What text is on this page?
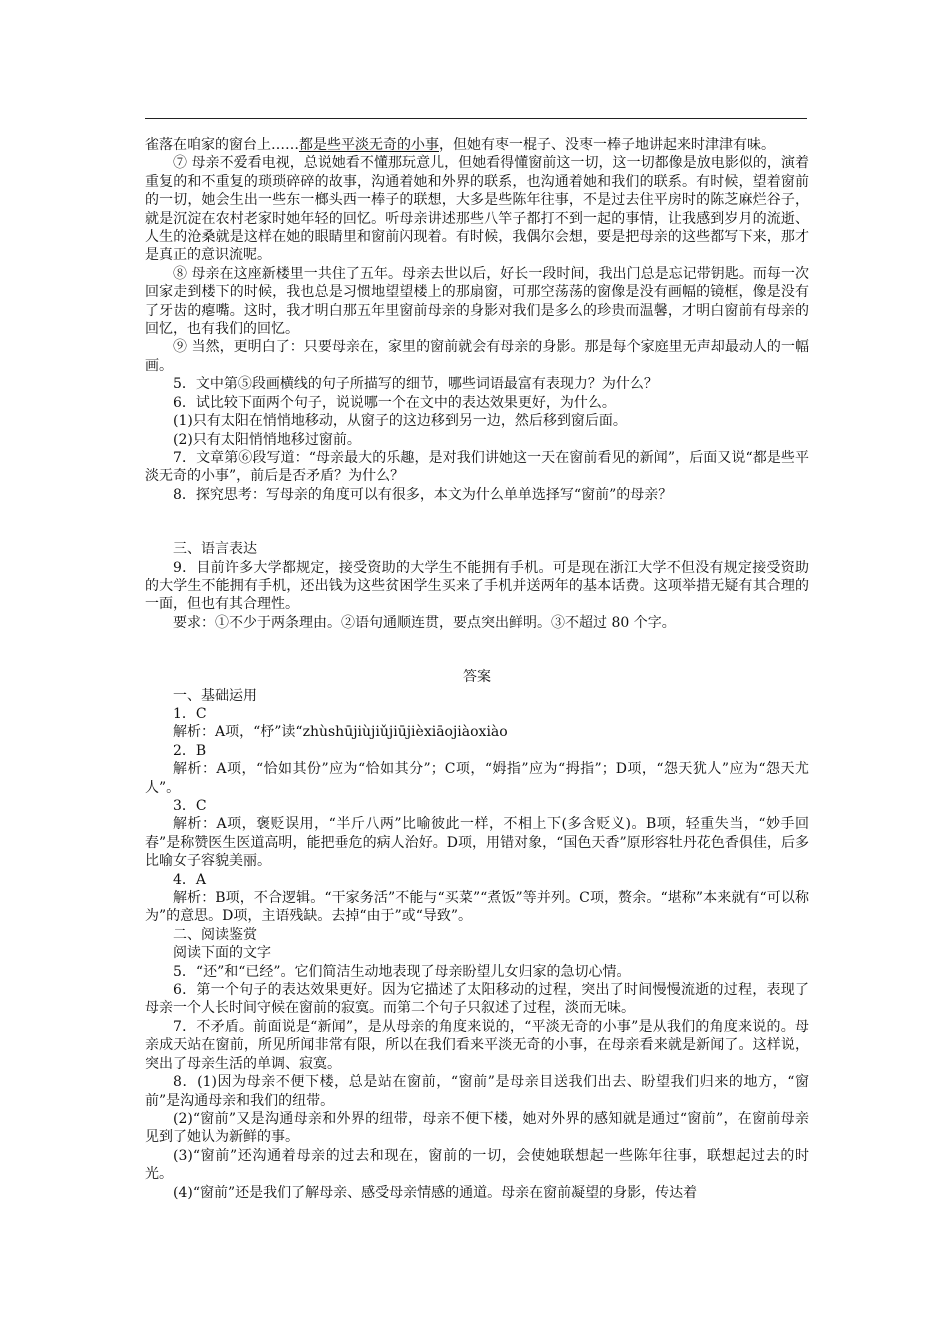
雀落在咱家的窗台上……都是些平淡无奇的小事，但她有枣一棍子、没枣一棒子地讲起来时津津有味。

⑦ 母亲不爱看电视，总说她看不懂那玩意儿，但她看得懂窗前这一切，这一切都像是放电影似的，演着重复的和不重复的琐琐碎碎的故事，沟通着她和外界的联系，也沟通着她和我们的联系。有时候，望着窗前的一切，她会生出一些东一榔头西一棒子的联想，大多是些陈年往事，不是过去住平房时的陈芝麻烂谷子，就是沉淀在农村老家时她年轻的回忆。听母亲讲述那些八竿子都打不到一起的事情，让我感到岁月的流逝、人生的沧桑就是这样在她的眼睛里和窗前闪现着。有时候，我偶尔会想，要是把母亲的这些都写下来，那才是真正的意识流呢。

⑧ 母亲在这座新楼里一共住了五年。母亲去世以后，好长一段时间，我出门总是忘记带钥匙。而每一次回家走到楼下的时候，我也总是习惯地望望楼上的那扇窗，可那空荡荡的窗像是没有画幅的镜框，像是没有了牙齿的瘪嘴。这时，我才明白那五年里窗前母亲的身影对我们是多么的珍贵而温馨，才明白窗前有母亲的回忆，也有我们的回忆。

⑨ 当然，更明白了：只要母亲在，家里的窗前就会有母亲的身影。那是每个家庭里无声却最动人的一幅画。

5．文中第⑤段画横线的句子所描写的细节，哪些词语最富有表现力？为什么？

6．试比较下面两个句子，说说哪一个在文中的表达效果更好，为什么。

(1)只有太阳在悄悄地移动，从窗子的这边移到另一边，然后移到窗后面。

(2)只有太阳悄悄地移过窗前。

7．文章第⑥段写道：“母亲最大的乐趣，是对我们讲她这一天在窗前看见的新闻”，后面又说“都是些平淡无奇的小事”，前后是否矛盾？为什么？

8．探究思考：写母亲的角度可以有很多，本文为什么单单选择写“窗前”的母亲？

三、语言表达

9．目前许多大学都规定，接受资助的大学生不能拥有手机。可是现在浙江大学不但没有规定接受资助的大学生不能拥有手机，还出钱为这些贫困学生买来了手机并送两年的基本话费。这项举措无疑有其合理的一面，但也有其合理性。

要求：①不少于两条理由。②语句通顺连贯，要点突出鲜明。③不超过 80 个字。

答案

一、基础运用

1．C

解析：A项，“杼”读“zhùshūjiùjiǔjiūjièxiāojiàoxiào

2．B

解析：A项，“恰如其份”应为“恰如其分”；C项，“姆指”应为“拇指”；D项，“怨天犹人”应为“怨天尤人”。

3．C

解析：A项，褒贬误用，“半斤八两”比喻彼此一样，不相上下(多含贬义)。B项，轻重失当，“妙手回春”是称赞医生医道高明，能把垂危的病人治好。D项，用错对象，“国色天香”原形容牡丹花色香俱佳，后多比喻女子容貌美丽。

4．A

解析：B项，不合逻辑。“干家务活”不能与“买菜”“煮饭”等并列。C项，赘余。“堪称”本来就有“可以称为”的意思。D项，主语残缺。去掉“由于”或“导致”。

二、阅读鉴赏

阅读下面的文字

5．“还”和“已经”。它们简洁生动地表现了母亲盼望儿女归家的急切心情。

6．第一个句子的表达效果更好。因为它描述了太阳移动的过程，突出了时间慢慢流逝的过程，表现了母亲一个人长时间守候在窗前的寂寞。而第二个句子只叙述了过程，淡而无味。

7．不矛盾。前面说是“新闻”，是从母亲的角度来说的，“平淡无奇的小事”是从我们的角度来说的。母亲成天站在窗前，所见所闻非常有限，所以在我们看来平淡无奇的小事，在母亲看来就是新闻了。这样说，突出了母亲生活的单调、寂寞。

8．(1)因为母亲不便下楼，总是站在窗前，“窗前”是母亲目送我们出去、盼望我们归来的地方，“窗前”是沟通母亲和我们的纽带。

(2)“窗前”又是沟通母亲和外界的纽带，母亲不便下楼，她对外界的感知就是通过“窗前”，在窗前母亲见到了她认为新鲜的事。

(3)“窗前”还沟通着母亲的过去和现在，窗前的一切，会使她联想起一些陈年往事，联想起过去的时光。

(4)“窗前”还是我们了解母亲、感受母亲情感的通道。母亲在窗前凝望的身影，传达着
